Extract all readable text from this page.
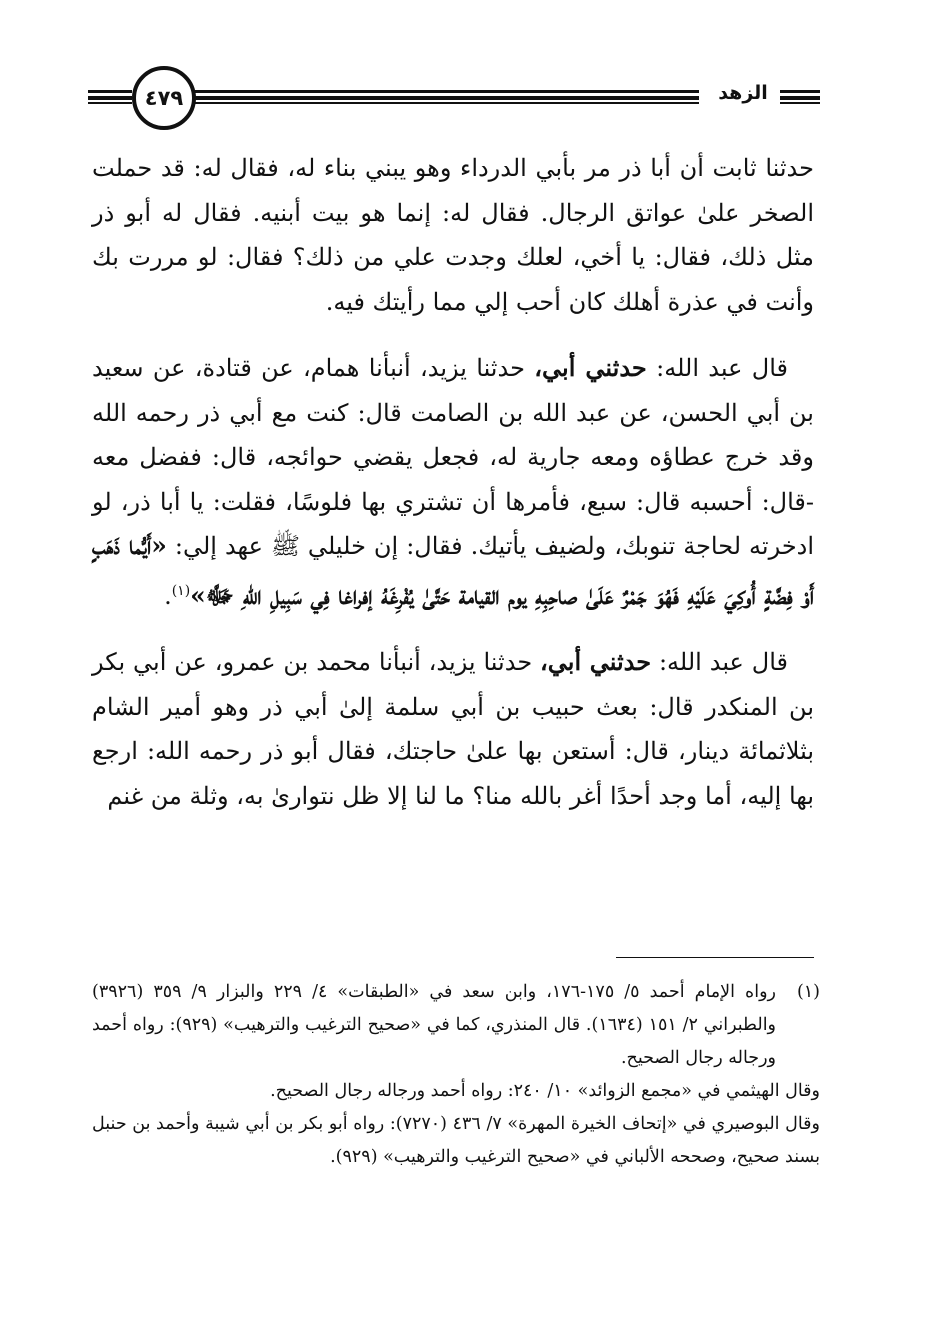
٤٧٩	الزهد

حدثنا ثابت أن أبا ذر مر بأبي الدرداء وهو يبني بناء له، فقال له: قد حملت الصخر علىٰ عواتق الرجال. فقال له: إنما هو بيت أبنيه. فقال له أبو ذر مثل ذلك، فقال: يا أخي، لعلك وجدت علي من ذلك؟ فقال: لو مررت بك وأنت في عذرة أهلك كان أحب إلي مما رأيتك فيه.

قال عبد الله: حدثني أبي، حدثنا يزيد، أنبأنا همام، عن قتادة، عن سعيد بن أبي الحسن، عن عبد الله بن الصامت قال: كنت مع أبي ذر رحمه الله وقد خرج عطاؤه ومعه جارية له، فجعل يقضي حوائجه، قال: ففضل معه -قال: أحسبه قال: سبع، فأمرها أن تشتري بها فلوسًا، فقلت: يا أبا ذر، لو ادخرته لحاجة تنوبك، ولضيف يأتيك. فقال: إن خليلي ﷺ عهد إلي: «أَيُّما ذَهَبٍ أَوْ فِضَّةٍ أُوكِيَ عَلَيْهِ فَهُوَ جَمْرٌ عَلَىٰ صاحِبِهِ يوم القيامة حَتَّىٰ يُفْرِغَهُ إفراغا فِي سَبِيلِ اللهِ ﷻ»$^{(١)}$.

قال عبد الله: حدثني أبي، حدثنا يزيد، أنبأنا محمد بن عمرو، عن أبي بكر بن المنكدر قال: بعث حبيب بن أبي سلمة إلىٰ أبي ذر وهو أمير الشام بثلاثمائة دينار، قال: أستعن بها علىٰ حاجتك، فقال أبو ذر رحمه الله: ارجع بها إليه، أما وجد أحدًا أغر بالله منا؟ ما لنا إلا ظل نتوارىٰ به، وثلة من غنم

(١)
رواه الإمام أحمد ٥/ ١٧٥-١٧٦، وابن سعد في «الطبقات» ٤/ ٢٢٩ والبزار ٩/ ٣٥٩ (٣٩٢٦) والطبراني ٢/ ١٥١ (١٦٣٤). قال المنذري، كما في «صحيح الترغيب والترهيب» (٩٢٩): رواه أحمد ورجاله رجال الصحيح.

وقال الهيثمي في «مجمع الزوائد» ١٠/ ٢٤٠: رواه أحمد ورجاله رجال الصحيح.

وقال البوصيري في «إتحاف الخيرة المهرة» ٧/ ٤٣٦ (٧٢٧٠): رواه أبو بكر بن أبي شيبة وأحمد بن حنبل بسند صحيح، وصححه الألباني في «صحيح الترغيب والترهيب» (٩٢٩).
